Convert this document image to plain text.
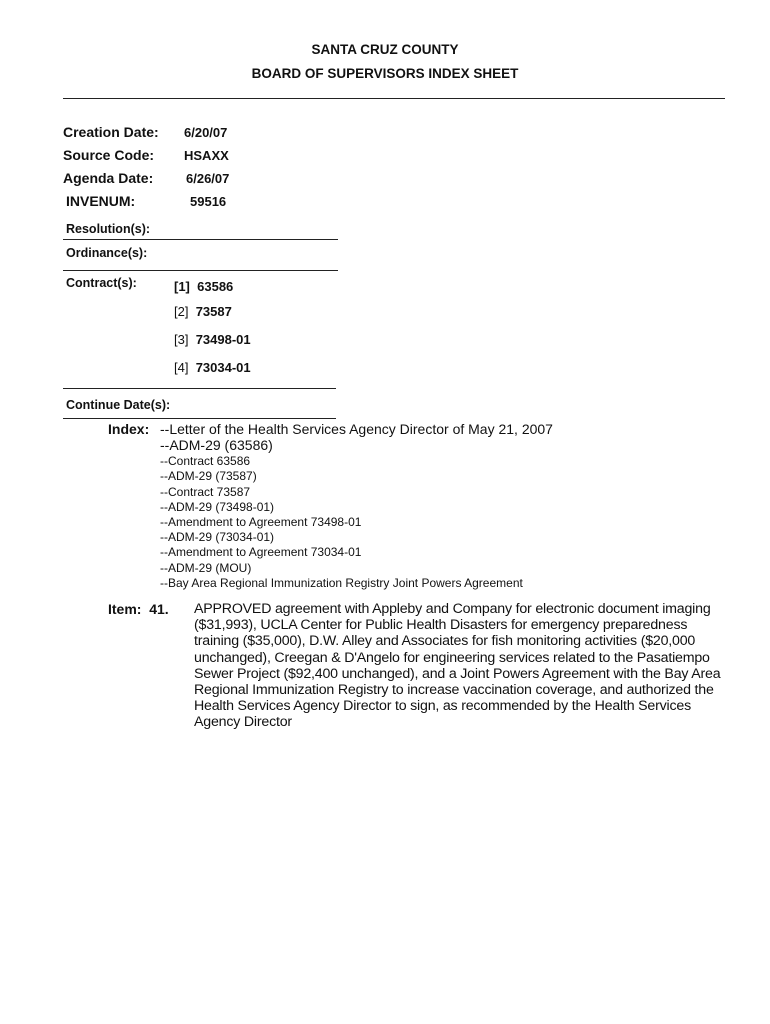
SANTA CRUZ COUNTY
BOARD OF SUPERVISORS INDEX SHEET
Creation Date: 6/20/07
Source Code: HSAXX
Agenda Date:	6/26/07
INVENUM:	59516
Resolution(s):
Ordinance(s):
Contract(s):	[1] 63586
[2] 73587
[3] 73498-01
[4] 73034-01
Continue Date(s):
Index: --Letter of the Health Services Agency Director of May 21, 2007
--ADM-29 (63586)
--Contract 63586
--ADM-29 (73587)
--Contract 73587
--ADM-29 (73498-01)
--Amendment to Agreement 73498-01
--ADM-29 (73034-01)
--Amendment to Agreement 73034-01
--ADM-29 (MOU)
--Bay Area Regional Immunization Registry Joint Powers Agreement
Item:  41. APPROVED agreement with Appleby and Company for electronic document imaging ($31,993), UCLA Center for Public Health Disasters for emergency preparedness training ($35,000), D.W. Alley and Associates for fish monitoring activities ($20,000 unchanged), Creegan & D'Angelo for engineering services related to the Pasatiempo Sewer Project ($92,400 unchanged), and a Joint Powers Agreement with the Bay Area Regional Immunization Registry to increase vaccination coverage, and authorized the Health Services Agency Director to sign, as recommended by the Health Services Agency Director
